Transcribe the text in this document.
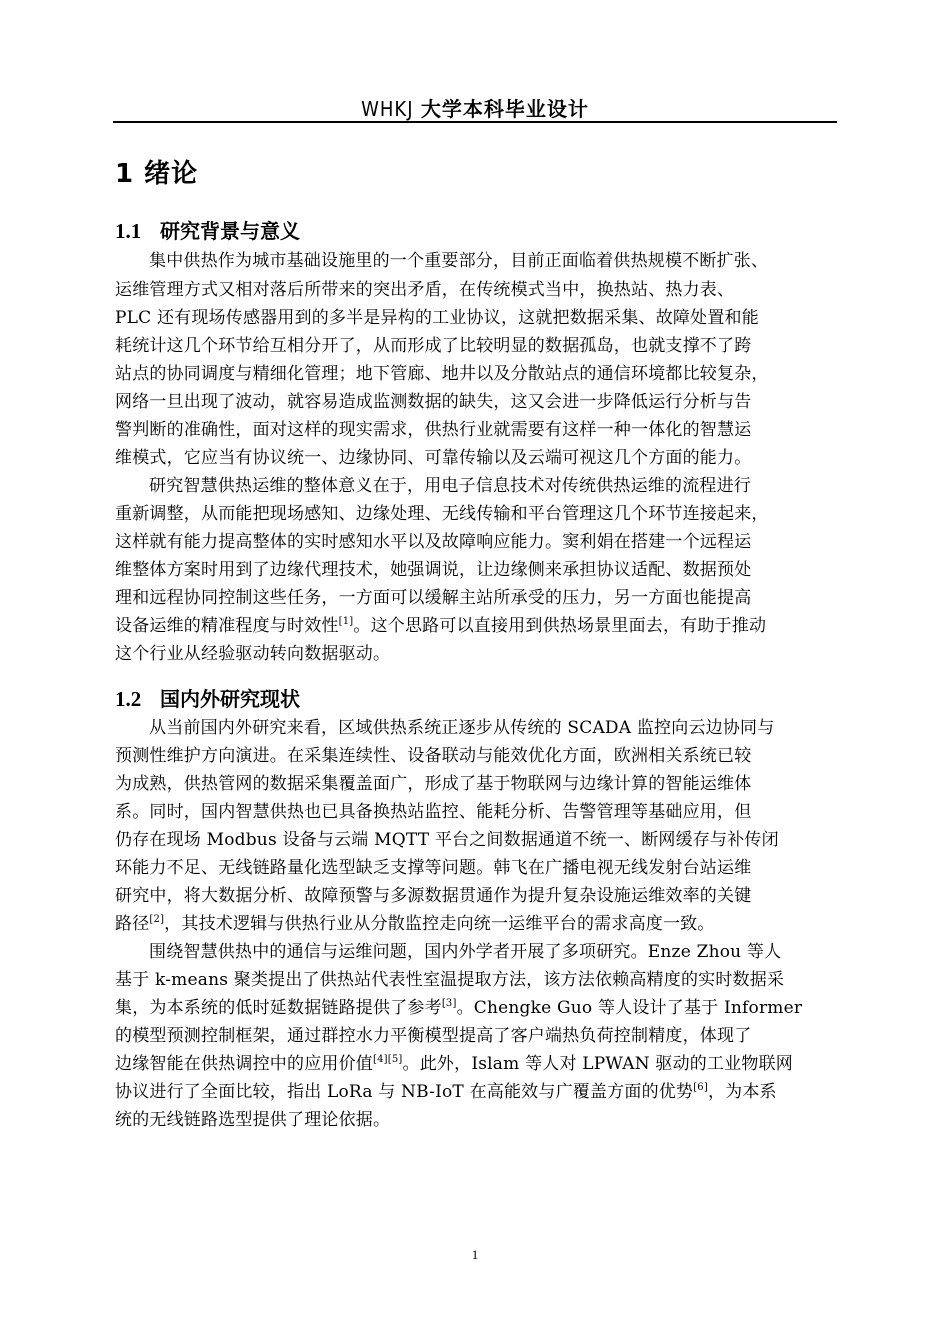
WHKJ 大学本科毕业设计
1 绪论
1.1 研究背景与意义
集中供热作为城市基础设施里的一个重要部分，目前正面临着供热规模不断扩张、
运维管理方式又相对落后所带来的突出矛盾，在传统模式当中，换热站、热力表、
PLC 还有现场传感器用到的多半是异构的工业协议，这就把数据采集、故障处置和能
耗统计这几个环节给互相分开了，从而形成了比较明显的数据孤岛，也就支撑不了跨
站点的协同调度与精细化管理；地下管廊、地井以及分散站点的通信环境都比较复杂，
网络一旦出现了波动，就容易造成监测数据的缺失，这又会进一步降低运行分析与告
警判断的准确性，面对这样的现实需求，供热行业就需要有这样一种一体化的智慧运
维模式，它应当有协议统一、边缘协同、可靠传输以及云端可视这几个方面的能力。
研究智慧供热运维的整体意义在于，用电子信息技术对传统供热运维的流程进行
重新调整，从而能把现场感知、边缘处理、无线传输和平台管理这几个环节连接起来，
这样就有能力提高整体的实时感知水平以及故障响应能力。窦利娟在搭建一个远程运
维整体方案时用到了边缘代理技术，她强调说，让边缘侧来承担协议适配、数据预处
理和远程协同控制这些任务，一方面可以缓解主站所承受的压力，另一方面也能提高
设备运维的精准程度与时效性[1]。这个思路可以直接用到供热场景里面去，有助于推动
这个行业从经验驱动转向数据驱动。
1.2 国内外研究现状
从当前国内外研究来看，区域供热系统正逐步从传统的 SCADA 监控向云边协同与
预测性维护方向演进。在采集连续性、设备联动与能效优化方面，欧洲相关系统已较
为成熟，供热管网的数据采集覆盖面广，形成了基于物联网与边缘计算的智能运维体
系。同时，国内智慧供热也已具备换热站监控、能耗分析、告警管理等基础应用，但
仍存在现场 Modbus 设备与云端 MQTT 平台之间数据通道不统一、断网缓存与补传闭
环能力不足、无线链路量化选型缺乏支撑等问题。韩飞在广播电视无线发射台站运维
研究中，将大数据分析、故障预警与多源数据贯通作为提升复杂设施运维效率的关键
路径[2]，其技术逻辑与供热行业从分散监控走向统一运维平台的需求高度一致。
围绕智慧供热中的通信与运维问题，国内外学者开展了多项研究。Enze Zhou 等人
基于 k-means 聚类提出了供热站代表性室温提取方法，该方法依赖高精度的实时数据采
集，为本系统的低时延数据链路提供了参考[3]。Chengke Guo 等人设计了基于 Informer
的模型预测控制框架，通过群控水力平衡模型提高了客户端热负荷控制精度，体现了
边缘智能在供热调控中的应用价值[4][5]。此外，Islam 等人对 LPWAN 驱动的工业物联网
协议进行了全面比较，指出 LoRa 与 NB-IoT 在高能效与广覆盖方面的优势[6]，为本系
统的无线链路选型提供了理论依据。
1
